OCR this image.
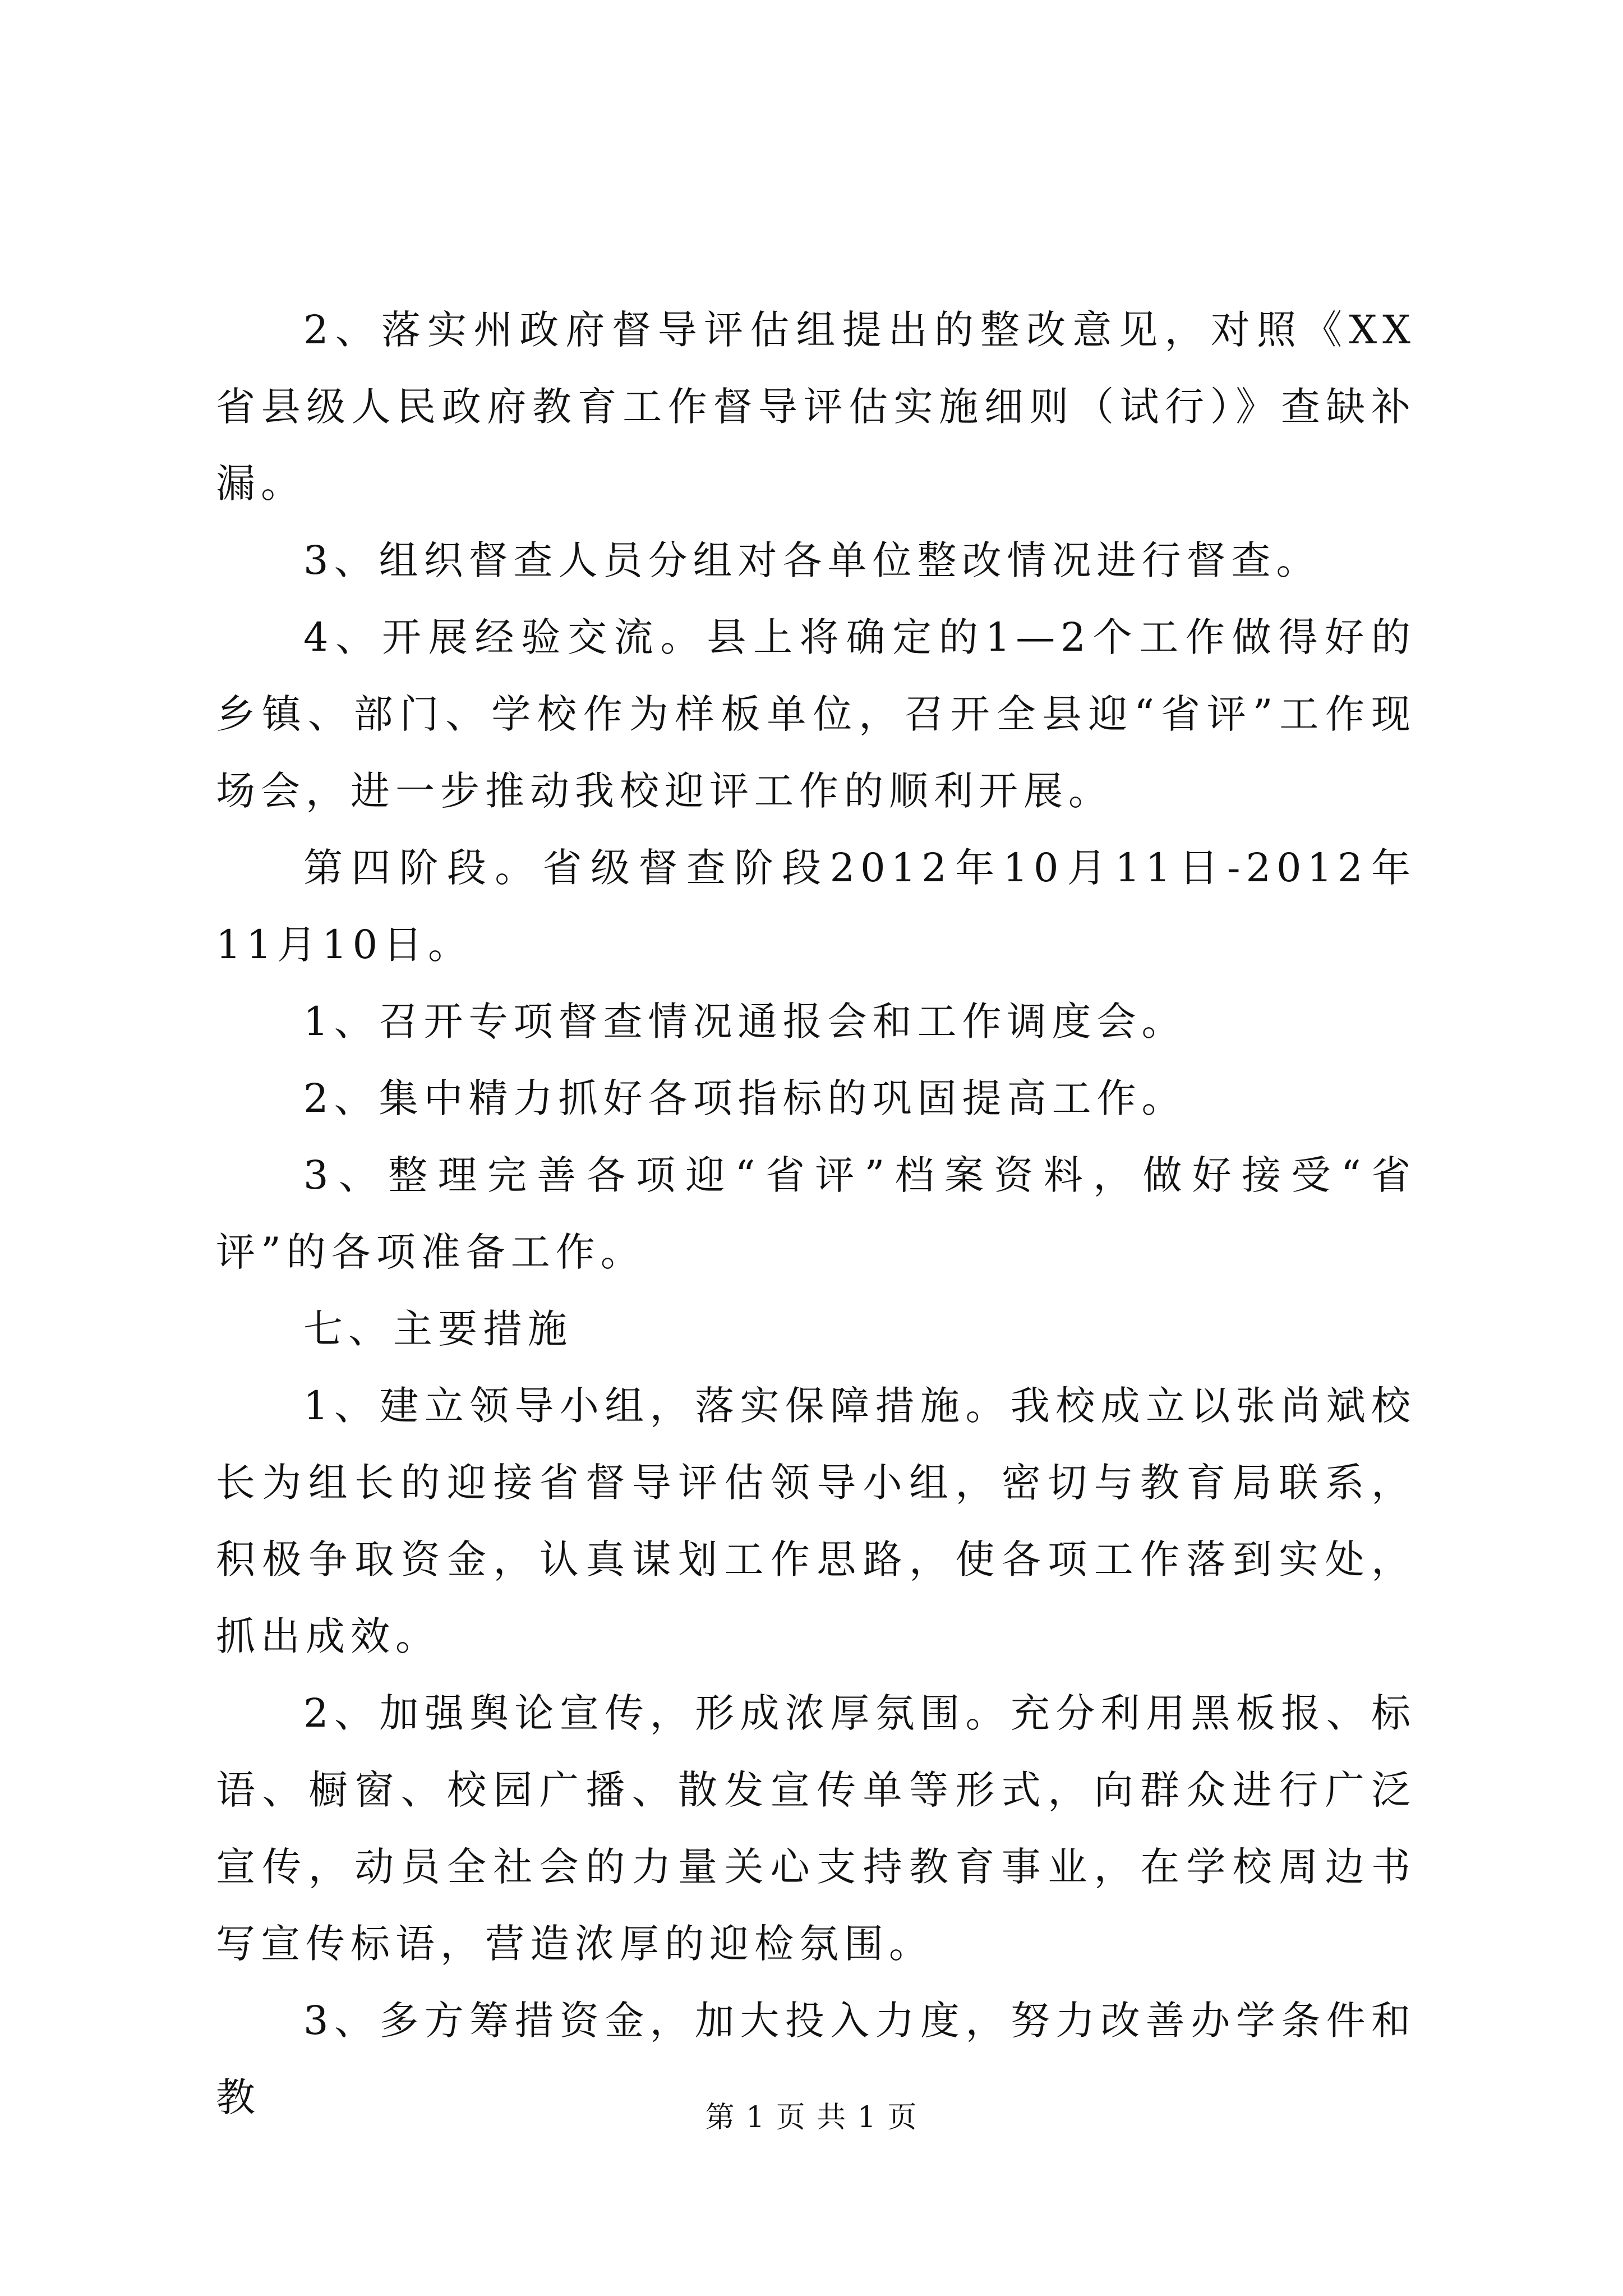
2、落实州政府督导评估组提出的整改意见，对照《XX省县级人民政府教育工作督导评估实施细则（试行）》查缺补漏。

3、组织督查人员分组对各单位整改情况进行督查。

4、开展经验交流。县上将确定的1—2个工作做得好的乡镇、部门、学校作为样板单位，召开全县迎“省评”工作现场会，进一步推动我校迎评工作的顺利开展。

第四阶段。省级督查阶段2012年10月11日-2012年11月10日。

1、召开专项督查情况通报会和工作调度会。

2、集中精力抓好各项指标的巩固提高工作。

3、整理完善各项迎“省评”档案资料，做好接受“省评”的各项准备工作。

七、主要措施

1、建立领导小组，落实保障措施。我校成立以张尚斌校长为组长的迎接省督导评估领导小组，密切与教育局联系，积极争取资金，认真谋划工作思路，使各项工作落到实处，抓出成效。

2、加强舆论宣传，形成浓厚氛围。充分利用黑板报、标语、橱窗、校园广播、散发宣传单等形式，向群众进行广泛宣传，动员全社会的力量关心支持教育事业，在学校周边书写宣传标语，营造浓厚的迎检氛围。

3、多方筹措资金，加大投入力度，努力改善办学条件和教	第 1 页 共 1 页
